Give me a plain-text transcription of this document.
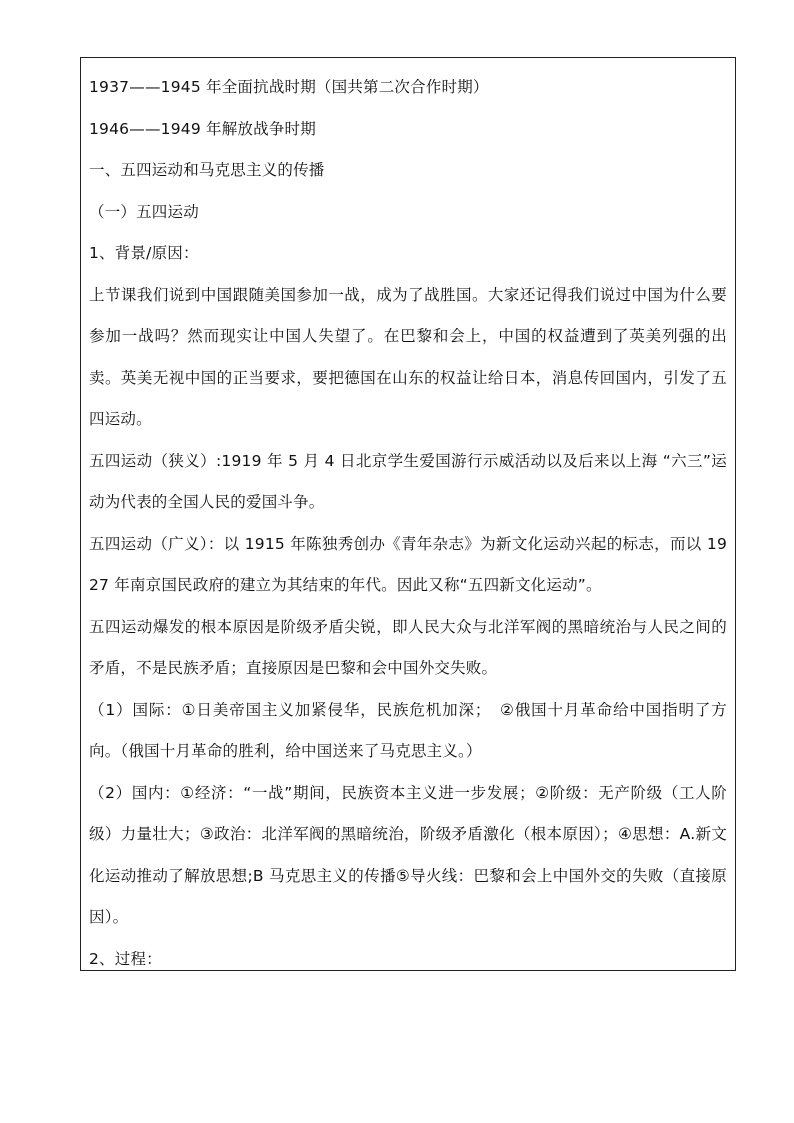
1937——1945 年全面抗战时期（国共第二次合作时期）

1946——1949 年解放战争时期

一、五四运动和马克思主义的传播

（一）五四运动

1、背景/原因：

上节课我们说到中国跟随美国参加一战，成为了战胜国。大家还记得我们说过中国为什么要参加一战吗？然而现实让中国人失望了。在巴黎和会上，中国的权益遭到了英美列强的出卖。英美无视中国的正当要求，要把德国在山东的权益让给日本，消息传回国内，引发了五四运动。

五四运动（狭义）:1919 年 5 月 4 日北京学生爱国游行示威活动以及后来以上海 “六三”运动为代表的全国人民的爱国斗争。

五四运动（广义）：以 1915 年陈独秀创办《青年杂志》为新文化运动兴起的标志，而以 1927 年南京国民政府的建立为其结束的年代。因此又称“五四新文化运动”。

五四运动爆发的根本原因是阶级矛盾尖锐，即人民大众与北洋军阀的黑暗统治与人民之间的矛盾，不是民族矛盾；直接原因是巴黎和会中国外交失败。

（1）国际：①日美帝国主义加紧侵华，民族危机加深；　②俄国十月革命给中国指明了方向。（俄国十月革命的胜利，给中国送来了马克思主义。）

（2）国内：①经济：“一战”期间，民族资本主义进一步发展；②阶级：无产阶级（工人阶级）力量壮大；③政治：北洋军阀的黑暗统治，阶级矛盾激化（根本原因）；④思想：A.新文化运动推动了解放思想;B 马克思主义的传播⑤导火线：巴黎和会上中国外交的失败（直接原因）。

2、过程：
